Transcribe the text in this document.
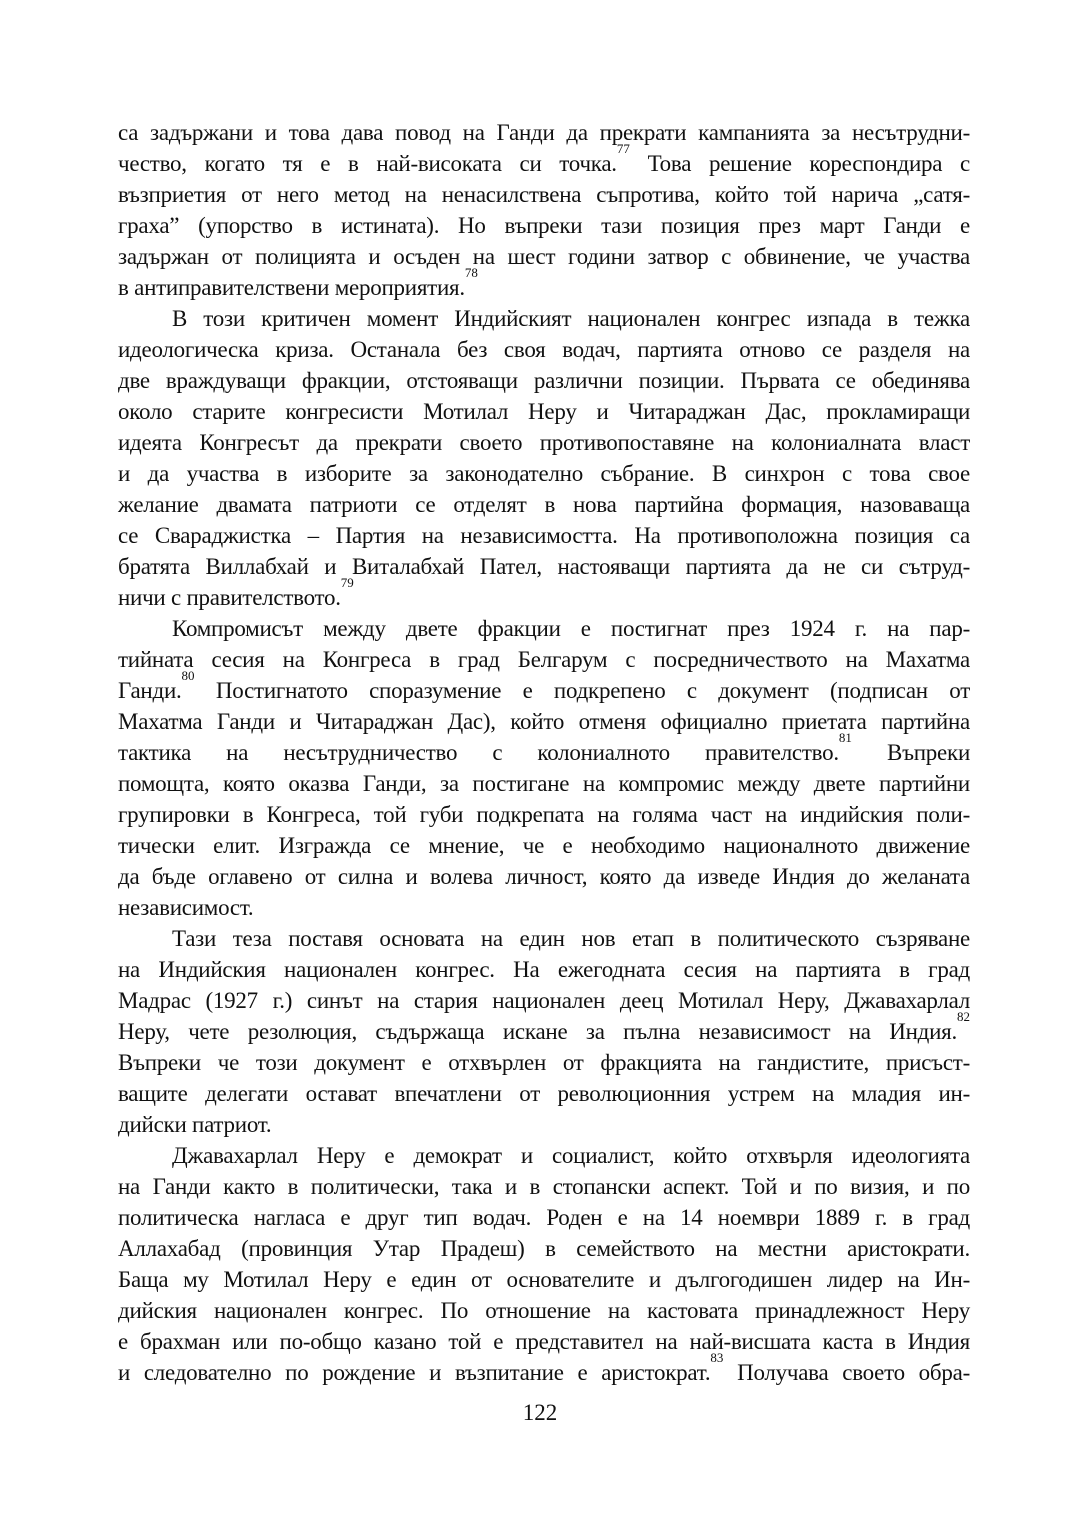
са задържани и това дава повод на Ганди да прекрати кампанията за несътрудни-
чество, когато тя е в най-високата си точка.$^{77}$ Това решение кореспондира с
възприетия от него метод на ненасилствена съпротива, който той нарича „сатя-
граха” (упорство в истината). Но въпреки тази позиция през март Ганди е
задържан от полицията и осъден на шест години затвор с обвинение, че участва
в антиправителствени мероприятия.$^{78}$

В този критичен момент Индийският национален конгрес изпада в тежка
идеологическа криза. Останала без своя водач, партията отново се разделя на
две враждуващи фракции, отстояващи различни позиции. Първата се обединява
около старите конгресисти Мотилал Неру и Читараджан Дас, прокламиращи
идеята Конгресът да прекрати своето противопоставяне на колониалната власт
и да участва в изборите за законодателно събрание. В синхрон с това свое
желание двамата патриоти се отделят в нова партийна формация, назоваваща
се Свараджистка – Партия на независимостта. На противоположна позиция са
братята Виллабхай и Виталабхай Пател, настояващи партията да не си сътруд-
ничи с правителството.$^{79}$

Компромисът между двете фракции е постигнат през 1924 г. на пар-
тийната сесия на Конгреса в град Белгарум с посредничеството на Махатма
Ганди.$^{80}$ Постигнатото споразумение е подкрепено с документ (подписан от
Махатма Ганди и Читараджан Дас), който отменя официално приетата партийна
тактика на несътрудничество с колониалното правителство.$^{81}$ Въпреки
помощта, която оказва Ганди, за постигане на компромис между двете партийни
групировки в Конгреса, той губи подкрепата на голяма част на индийския поли-
тически елит. Изгражда се мнение, че е необходимо националното движение
да бъде оглавено от силна и волева личност, която да изведе Индия до желаната
независимост.

Тази теза поставя основата на един нов етап в политическото съзряване
на Индийския национален конгрес. На ежегодната сесия на партията в град
Мадрас (1927 г.) синът на стария национален деец Мотилал Неру, Джавахарлал
Неру, чете резолюция, съдържаща искане за пълна независимост на Индия.$^{82}$
Въпреки че този документ е отхвърлен от фракцията на гандистите, присъст-
ващите делегати остават впечатлени от революционния устрем на младия ин-
дийски патриот.

Джавахарлал Неру е демократ и социалист, който отхвърля идеологията
на Ганди както в политически, така и в стопански аспект. Той и по визия, и по
политическа нагласа е друг тип водач. Роден е на 14 ноември 1889 г. в град
Аллахабад (провинция Утар Прадеш) в семейството на местни аристократи.
Баща му Мотилал Неру е един от основателите и дългогодишен лидер на Ин-
дийския национален конгрес. По отношение на кастовата принадлежност Неру
е брахман или по-общо казано той е представител на най-висшата каста в Индия
и следователно по рождение и възпитание е аристократ.$^{83}$ Получава своето обра-

122
